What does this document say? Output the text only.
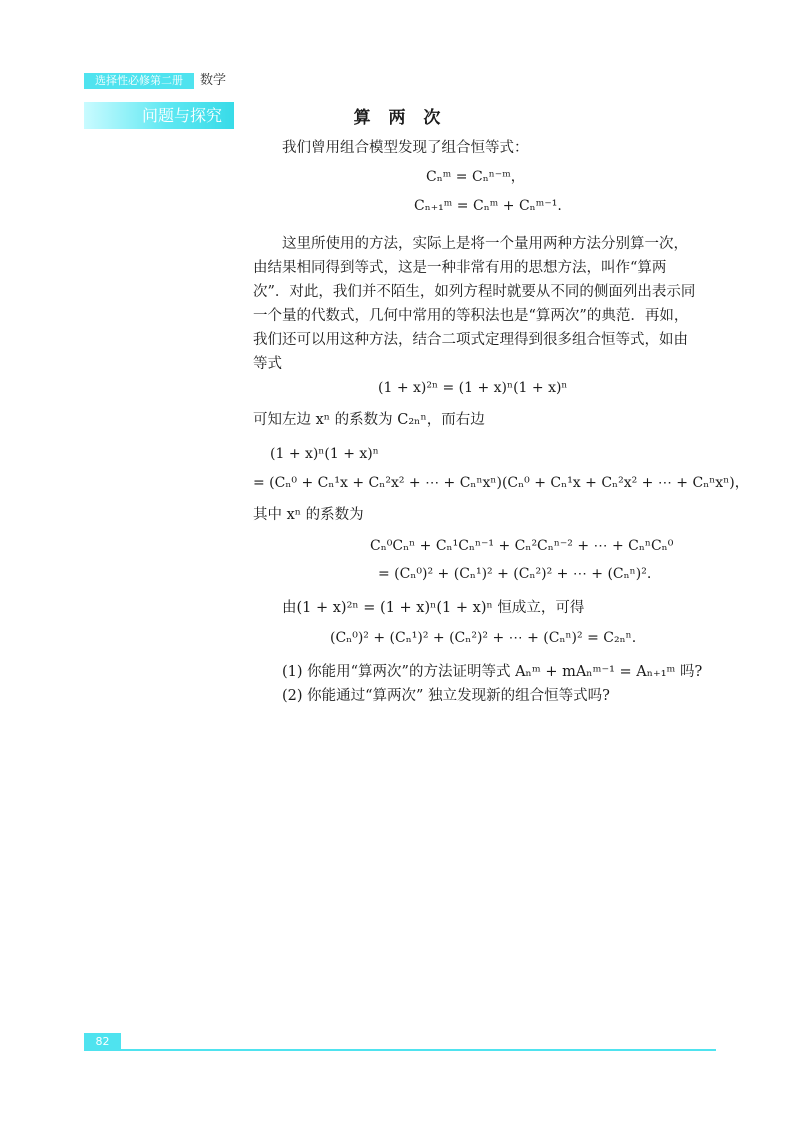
选择性必修第二册	数学
问题与探究	算 两 次
我们曾用组合模型发现了组合恒等式：
Cₙᵐ = Cₙⁿ⁻ᵐ，
Cₙ₊₁ᵐ = Cₙᵐ + Cₙᵐ⁻¹.
这里所使用的方法，实际上是将一个量用两种方法分别算一次，
由结果相同得到等式，这是一种非常有用的思想方法，叫作“算两
次”．对此，我们并不陌生，如列方程时就要从不同的侧面列出表示同
一个量的代数式，几何中常用的等积法也是“算两次”的典范．再如，
我们还可以用这种方法，结合二项式定理得到很多组合恒等式，如由
等式
(1 + x)²ⁿ = (1 + x)ⁿ(1 + x)ⁿ
可知左边 xⁿ 的系数为 C₂ₙⁿ，而右边
(1 + x)ⁿ(1 + x)ⁿ
= (Cₙ⁰ + Cₙ¹x + Cₙ²x² + ⋯ + Cₙⁿxⁿ)(Cₙ⁰ + Cₙ¹x + Cₙ²x² + ⋯ + Cₙⁿxⁿ)，
其中 xⁿ 的系数为
Cₙ⁰Cₙⁿ + Cₙ¹Cₙⁿ⁻¹ + Cₙ²Cₙⁿ⁻² + ⋯ + CₙⁿCₙ⁰
= (Cₙ⁰)² + (Cₙ¹)² + (Cₙ²)² + ⋯ + (Cₙⁿ)².
由(1 + x)²ⁿ = (1 + x)ⁿ(1 + x)ⁿ 恒成立，可得
(Cₙ⁰)² + (Cₙ¹)² + (Cₙ²)² + ⋯ + (Cₙⁿ)² = C₂ₙⁿ.
(1) 你能用“算两次”的方法证明等式 Aₙᵐ + mAₙᵐ⁻¹ = Aₙ₊₁ᵐ 吗?
(2) 你能通过“算两次” 独立发现新的组合恒等式吗?
82
